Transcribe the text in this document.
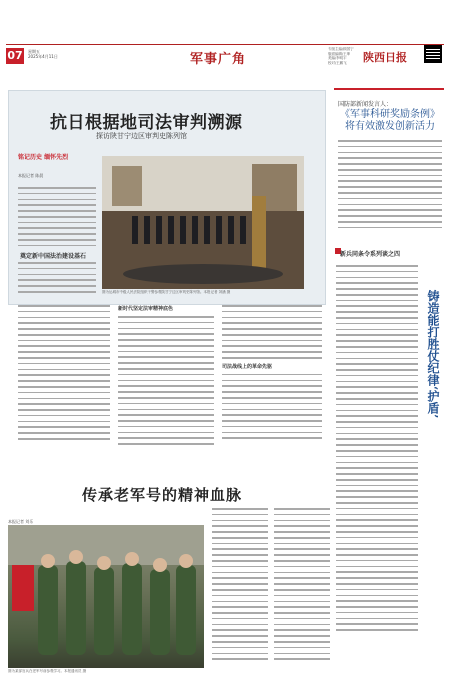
07	星期五
2025年4月11日	军事广角
专版主编/顾国宁
版面编辑/王坤
美编/李明宇
校对/王鹏飞	陕西日报
抗日根据地司法审判溯源
探访陕甘宁边区审判史陈列馆
铭记历史 缅怀先烈
本报记者 陈晨
奠定新中国法治建设基石
图为运城市中级人民法院组织干警参观陕甘宁边区审判史陈列馆。本报记者 刘涵 摄
新时代坚定法审精神底色
司法战线上的革命先驱
国防部新闻发言人：
《军事科研奖励条例》将有效激发创新活力
新兵同条令系列谈之四
铸造能打胜仗纪律‘护盾’
传承老军号的精神血脉
本报记者 刘乐
图为某部官兵在老军号前参观学习。本报通讯员 摄
